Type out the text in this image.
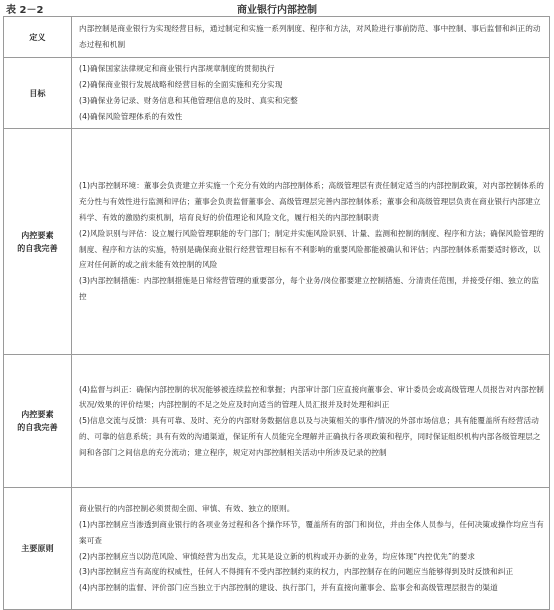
表 2－2	商业银行内部控制
定义	内部控制是商业银行为实现经营目标，通过制定和实施一系列制度、程序和方法，对风险进行事前防范、事中控制、事后监督和纠正的动态过程和机制

目标	(1)确保国家法律规定和商业银行内部规章制度的贯彻执行
(2)确保商业银行发展战略和经营目标的全面实施和充分实现
(3)确保业务记录、财务信息和其他管理信息的及时、真实和完整
(4)确保风险管理体系的有效性

内控要素
的自我完善	(1)内部控制环境：董事会负责建立并实施一个充分有效的内部控制体系；高级管理层有责任制定适当的内部控制政策，对内部控制体系的充分性与有效性进行监测和评估；董事会负责监督董事会、高级管理层完善内部控制体系；董事会和高级管理层负责在商业银行内部建立科学、有效的激励约束机制，培育良好的价值理论和风险文化，履行相关的内部控制职责
(2)风险识别与评估：设立履行风险管理职能的专门部门；制定并实施风险识别、计量、监测和控制的制度、程序和方法；确保风险管理的制度、程序和方法的实施，特别是确保商业银行经营管理目标有不利影响的重要风险都能被确认和评估；内部控制体系需要适时修改，以应对任何新的或之前未能有效控制的风险
(3)内部控制措施：内部控制措施是日常经营管理的重要部分，每个业务/岗位都要建立控制措施、分清责任范围，并接受仔细、独立的监控

内控要素
的自我完善	(4)监督与纠正：确保内部控制的状况能够被连续监控和掌握；内部审计部门应直接向董事会、审计委员会或高级管理人员报告对内部控制状况/效果的评价结果；内部控制的不足之处应及时向适当的管理人员汇报并及时处理和纠正
(5)信息交流与反馈：具有可靠、及时、充分的内部财务数据信息以及与决策相关的事件/情况的外部市场信息；具有能覆盖所有经营活动的、可靠的信息系统；具有有效的沟通渠道，保证所有人员能完全理解并正确执行各项政策和程序，同时保证组织机构内部各级管理层之间和各部门之间信息的充分流动；建立程序，规定对内部控制相关活动中所涉及记录的控制

主要原则	商业银行的内部控制必须贯彻全面、审慎、有效、独立的原则。
(1)内部控制应当渗透到商业银行的各项业务过程和各个操作环节，覆盖所有的部门和岗位，并由全体人员参与，任何决策或操作均应当有案可查
(2)内部控制应当以防范风险、审慎经营为出发点，尤其是设立新的机构或开办新的业务，均应体现“内控优先”的要求
(3)内部控制应当有高度的权威性，任何人不得拥有不受内部控制约束的权力，内部控制存在的问题应当能够得到及时反馈和纠正
(4)内部控制的监督、评价部门应当独立于内部控制的建设、执行部门，并有直接向董事会、监事会和高级管理层报告的渠道
